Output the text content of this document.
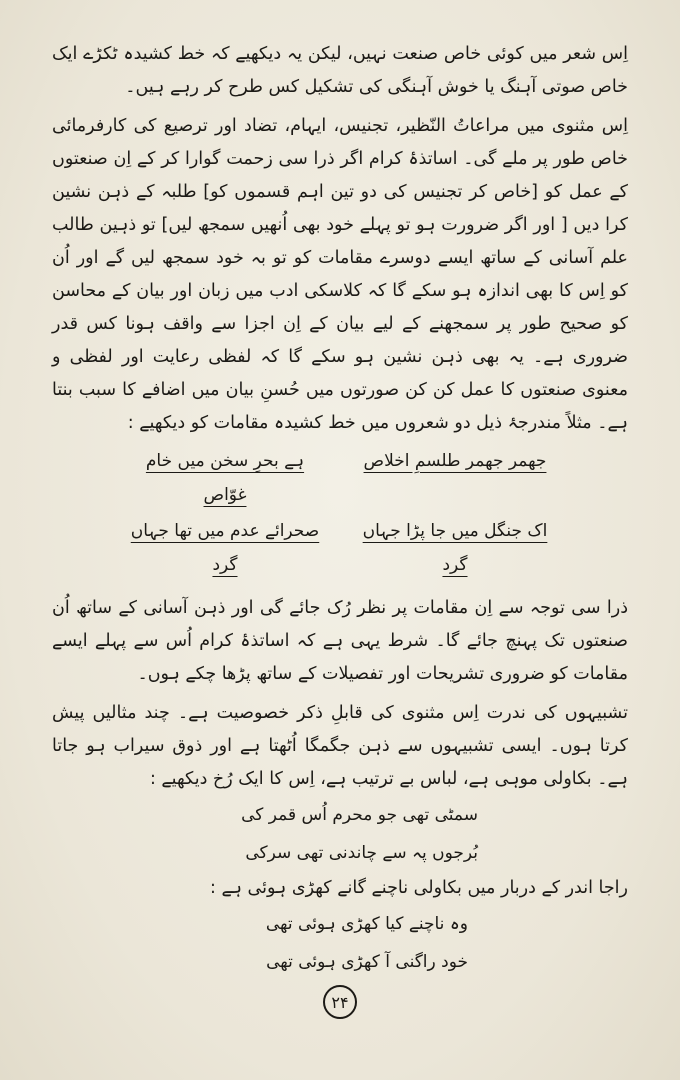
اِس شعر میں کوئی خاص صنعت نہیں، لیکن یہ دیکھیے کہ خط کشیدہ ٹکڑے ایک خاص صوتی آہنگ یا خوش آہنگی کی تشکیل کس طرح کر رہے ہیں۔

اِس مثنوی میں مراعاتُ النّظیر، تجنیس، ایہام، تضاد اور ترصیع کی کارفرمائی خاص طور پر ملے گی۔ اساتذۂ کرام اگر ذرا سی زحمت گوارا کر کے اِن صنعتوں کے عمل کو [خاص کر تجنیس کی دو تین اہم قسموں کو] طلبہ کے ذہن نشین کرا دیں [ اور اگر ضرورت ہو تو پہلے خود بھی اُنھیں سمجھ لیں] تو ذہین طالب علم آسانی کے ساتھ ایسے دوسرے مقامات کو تو بہ خود سمجھ لیں گے اور اُن کو اِس کا بھی اندازہ ہو سکے گا کہ کلاسکی ادب میں زبان اور بیان کے محاسن کو صحیح طور پر سمجھنے کے لیے بیان کے اِن اجزا سے واقف ہونا کس قدر ضروری ہے۔ یہ بھی ذہن نشین ہو سکے گا کہ لفظی رعایت اور لفظی و معنوی صنعتوں کا عمل کن کن صورتوں میں حُسنِ بیان میں اضافے کا سبب بنتا ہے۔ مثلاً مندرجۂ ذیل دو شعروں میں خط کشیدہ مقامات کو دیکھیے :

جھمر جھمر طلسمِ اخلاص
ہے بحرِ سخن میں خام غوّاص
اک جنگل میں جا پڑا جہاں گرد
صحرائے عدم میں تھا جہاں گرد

ذرا سی توجہ سے اِن مقامات پر نظر رُک جائے گی اور ذہن آسانی کے ساتھ اُن صنعتوں تک پہنچ جائے گا۔ شرط یہی ہے کہ اساتذۂ کرام اُس سے پہلے ایسے مقامات کو ضروری تشریحات اور تفصیلات کے ساتھ پڑھا چکے ہوں۔

تشبیہوں کی ندرت اِس مثنوی کی قابلِ ذکر خصوصیت ہے۔ چند مثالیں پیش کرتا ہوں۔ ایسی تشبیہوں سے ذہن جگمگا اُٹھتا ہے اور ذوق سیراب ہو جاتا ہے۔ بکاولی موہی ہے، لباس بے ترتیب ہے، اِس کا ایک رُخ دیکھیے :

سمٹی تھی جو محرم اُس قمر کی
بُرجوں پہ سے چاندنی تھی سرکی

راجا اندر کے دربار میں بکاولی ناچنے گانے کھڑی ہوئی ہے :

وہ ناچنے کیا کھڑی ہوئی تھی
خود راگنی آ کھڑی ہوئی تھی
۲۴
